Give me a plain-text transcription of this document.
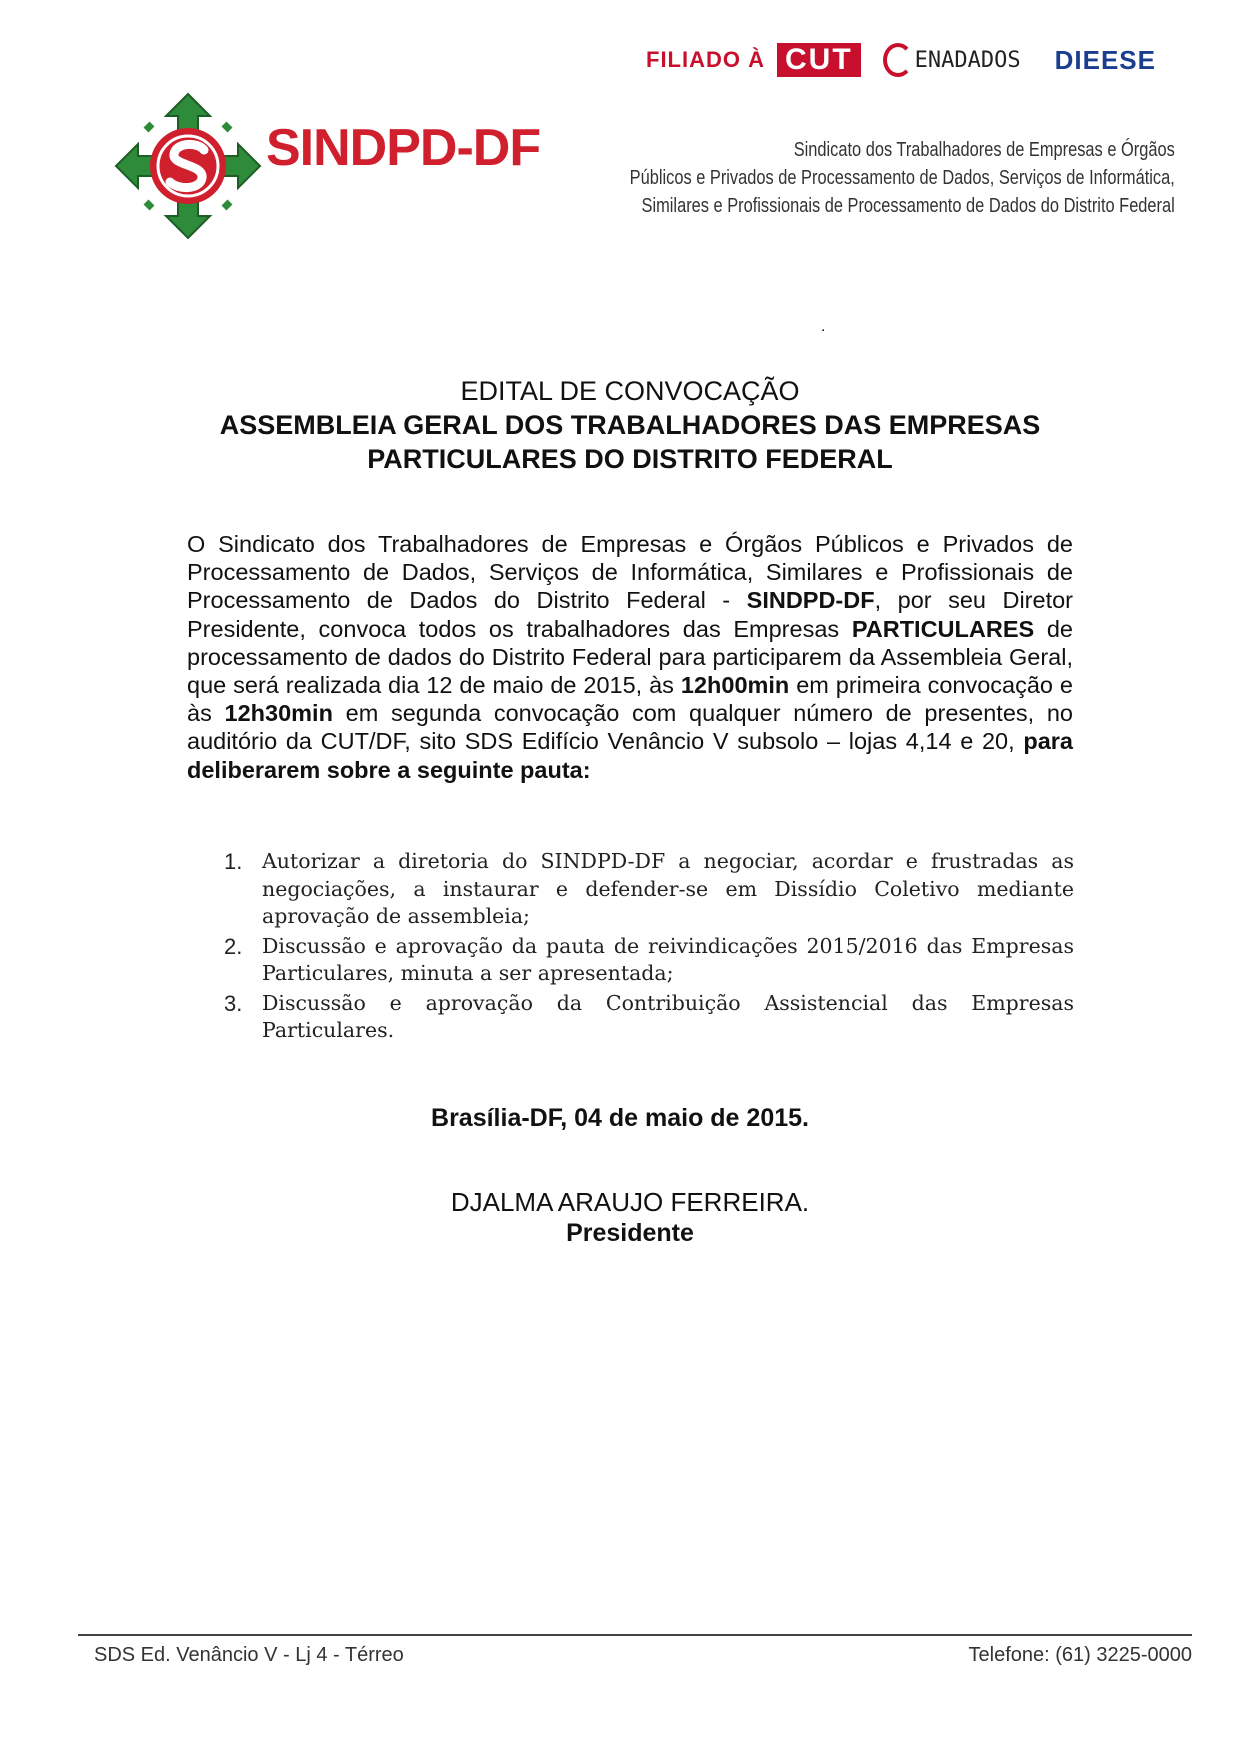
FILIADO À CUT	ENADADOS DIEESE
SINDPD-DF	Sindicato dos Trabalhadores de Empresas e Órgãos
Públicos e Privados de Processamento de Dados, Serviços de Informática,
Similares e Profissionais de Processamento de Dados do Distrito Federal
.
EDITAL DE CONVOCAÇÃO
ASSEMBLEIA GERAL DOS TRABALHADORES DAS EMPRESAS
PARTICULARES DO DISTRITO FEDERAL
O Sindicato dos Trabalhadores de Empresas e Órgãos Públicos e Privados de Processamento de Dados, Serviços de Informática, Similares e Profissionais de Processamento de Dados do Distrito Federal - SINDPD-DF, por seu Diretor Presidente, convoca todos os trabalhadores das Empresas PARTICULARES de processamento de dados do Distrito Federal para participarem da Assembleia Geral, que será realizada dia 12 de maio de 2015, às 12h00min em primeira convocação e às 12h30min em segunda convocação com qualquer número de presentes, no auditório da CUT/DF, sito SDS Edifício Venâncio V subsolo – lojas 4,14 e 20, para deliberarem sobre a seguinte pauta:
1. Autorizar a diretoria do SINDPD-DF a negociar, acordar e frustradas as negociações, a instaurar e defender-se em Dissídio Coletivo mediante aprovação de assembleia;
2. Discussão e aprovação da pauta de reivindicações 2015/2016 das Empresas Particulares, minuta a ser apresentada;
3. Discussão e aprovação da Contribuição Assistencial das Empresas Particulares.
Brasília-DF, 04 de maio de 2015.
DJALMA ARAUJO FERREIRA.
Presidente
SDS Ed. Venâncio V - Lj 4 - Térreo	Telefone: (61) 3225-0000
